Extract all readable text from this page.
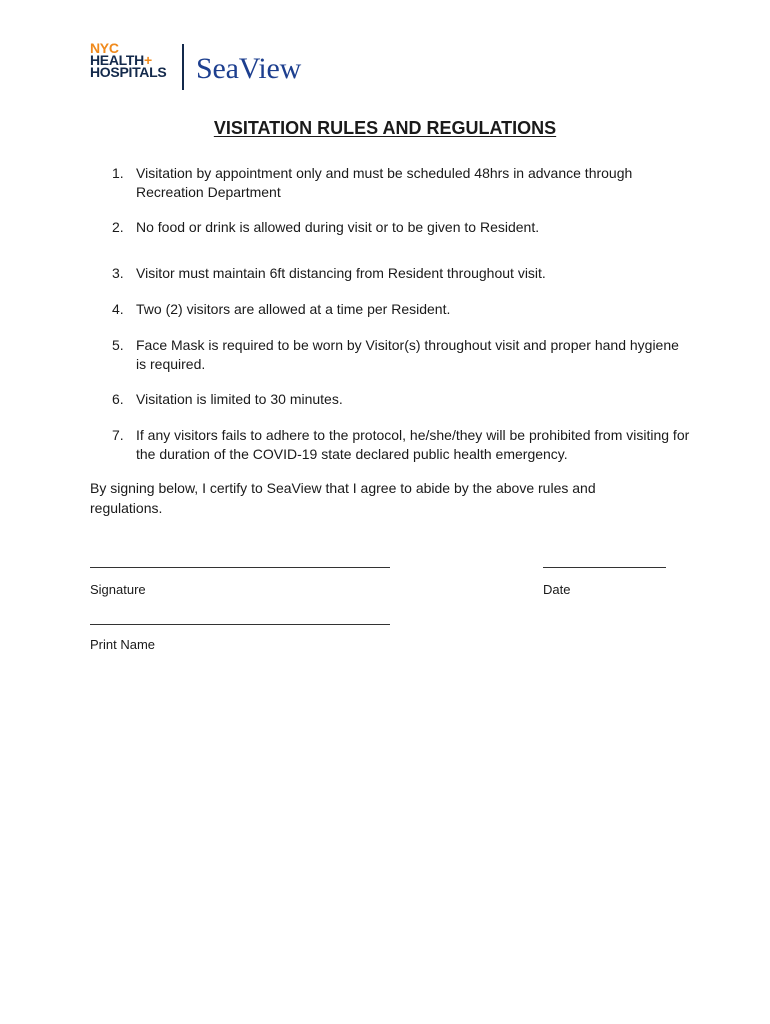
NYC
HEALTH+
HOSPITALS SeaView
VISITATION RULES AND REGULATIONS
1. Visitation by appointment only and must be scheduled 48hrs in advance through Recreation Department
2. No food or drink is allowed during visit or to be given to Resident.
3. Visitor must maintain 6ft distancing from Resident throughout visit.
4. Two (2) visitors are allowed at a time per Resident.
5. Face Mask is required to be worn by Visitor(s) throughout visit and proper hand hygiene is required.
6. Visitation is limited to 30 minutes.
7. If any visitors fails to adhere to the protocol, he/she/they will be prohibited from visiting for the duration of the COVID-19 state declared public health emergency.
By signing below, I certify to SeaView that I agree to abide by the above rules and regulations.
Signature	Date
Print Name
